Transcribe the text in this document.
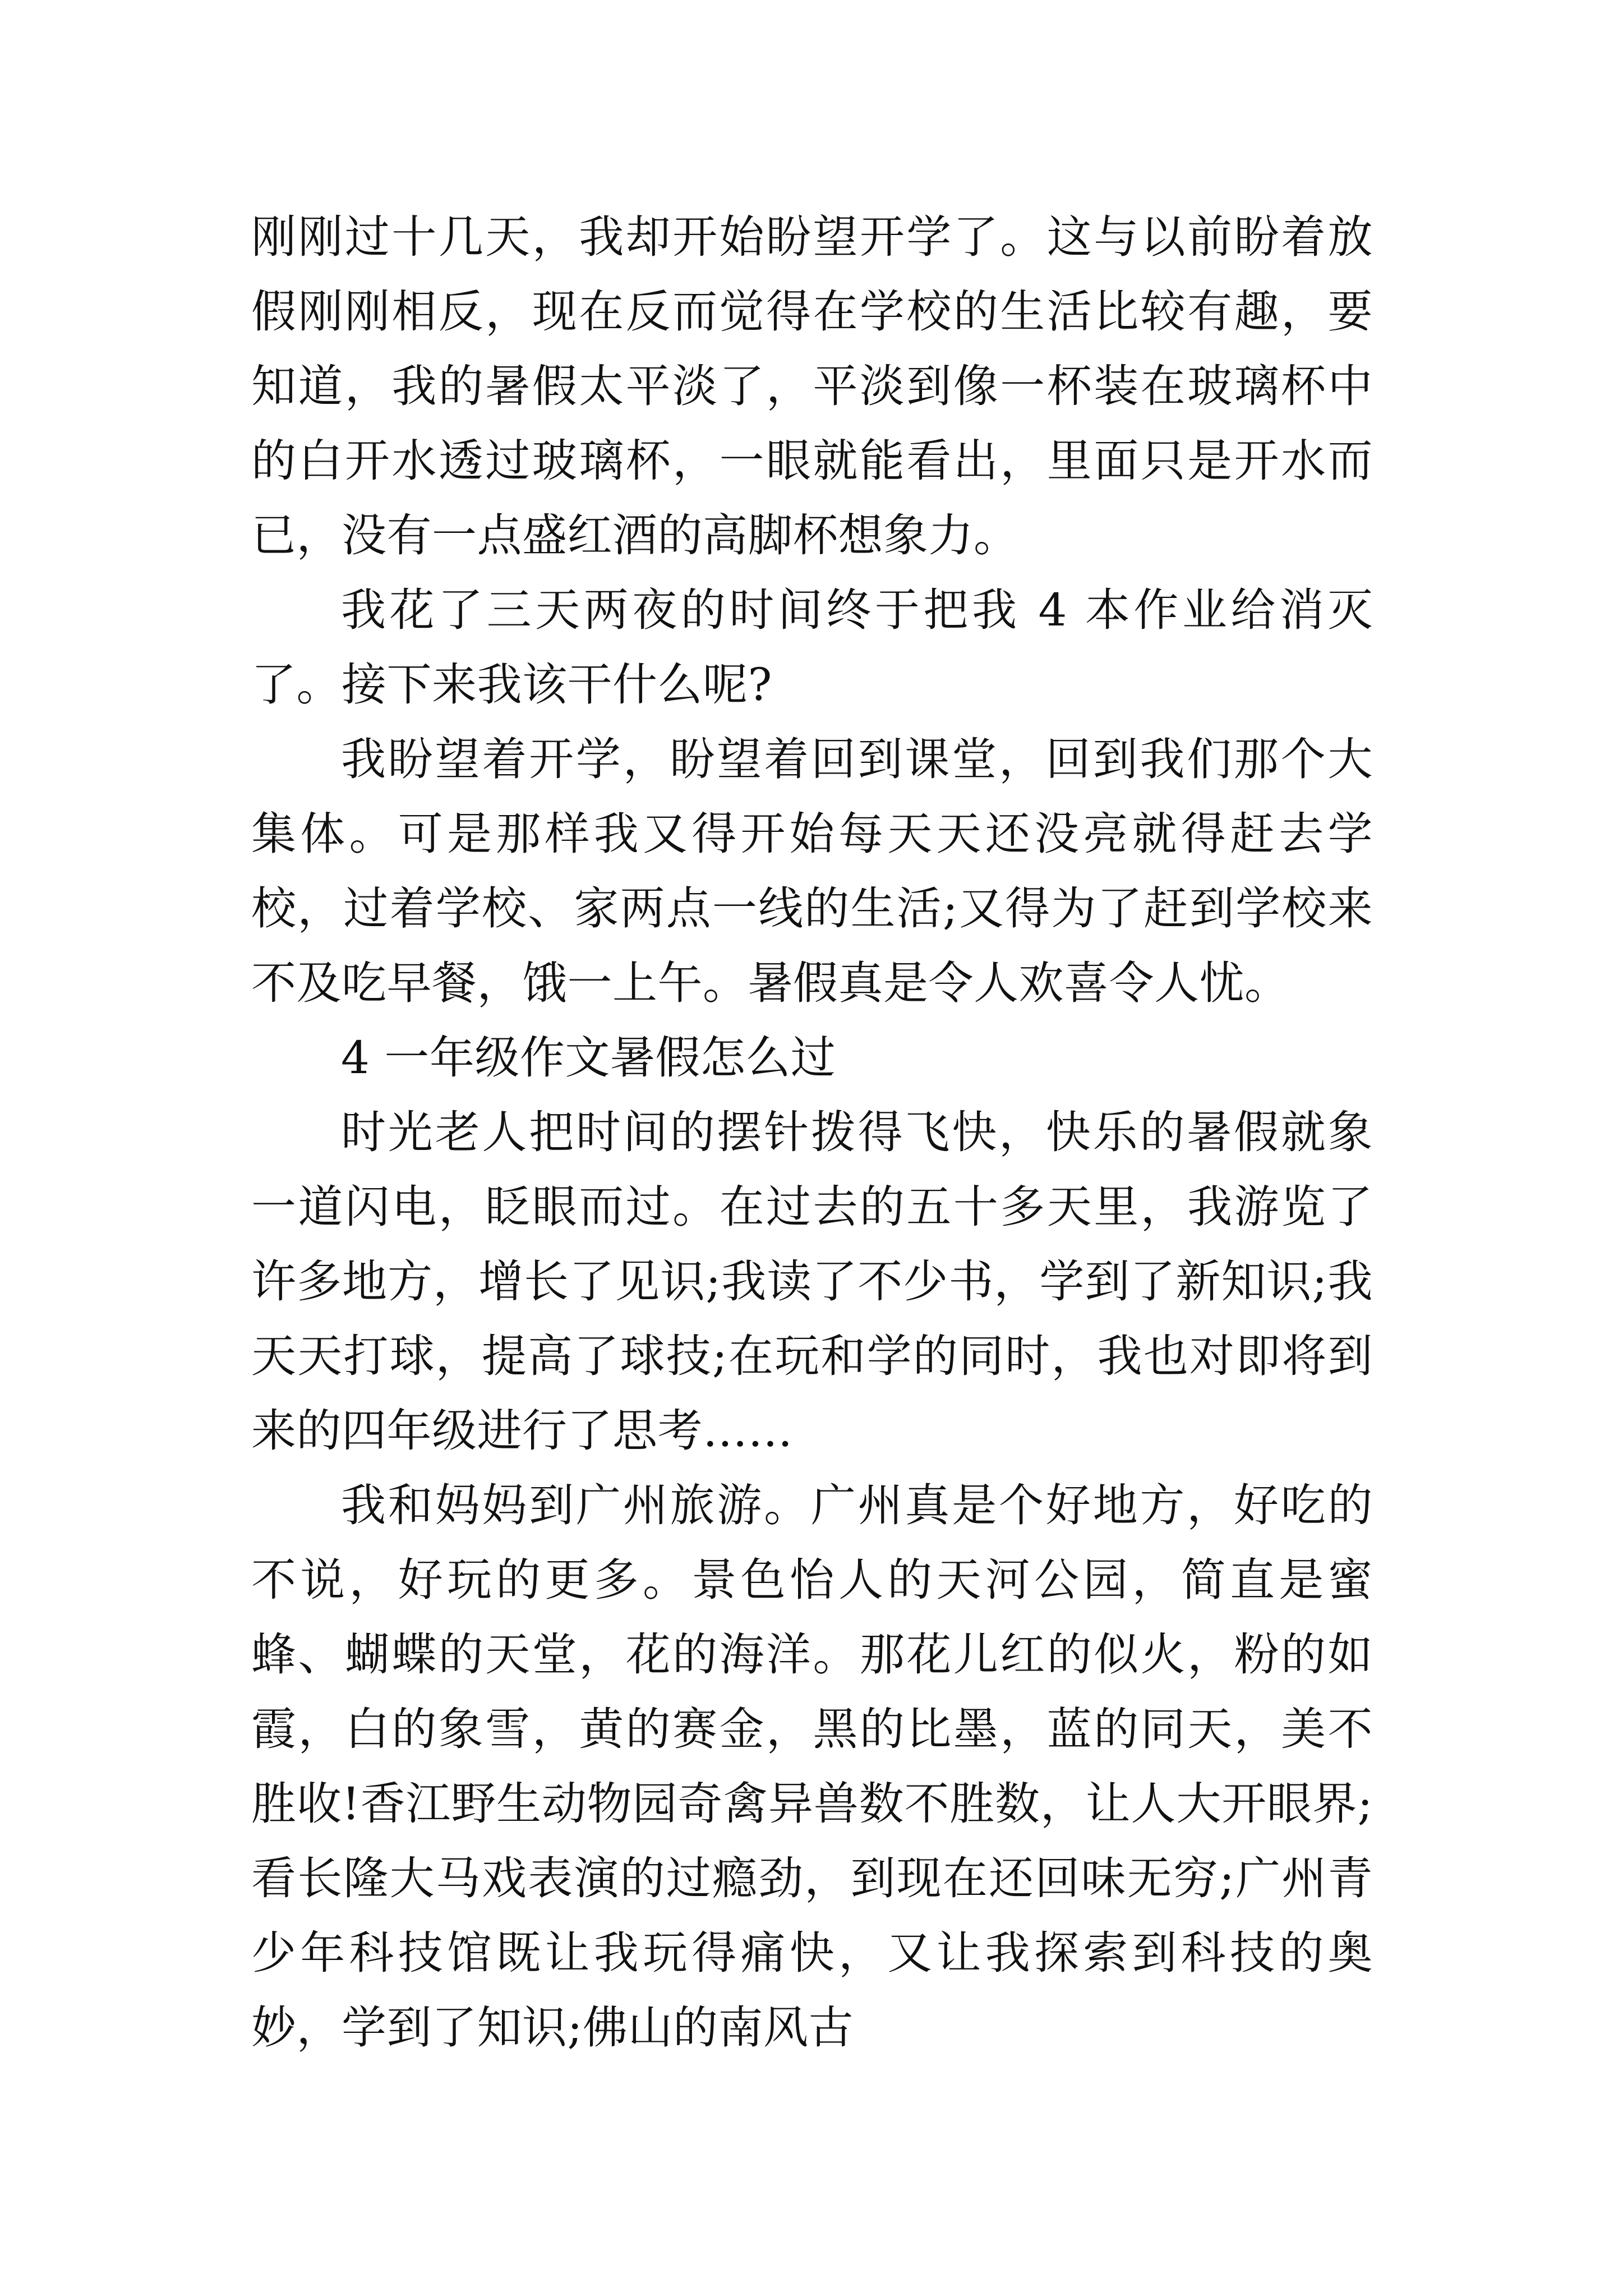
刚刚过十几天，我却开始盼望开学了。这与以前盼着放假刚刚相反，现在反而觉得在学校的生活比较有趣，要知道，我的暑假太平淡了，平淡到像一杯装在玻璃杯中的白开水透过玻璃杯，一眼就能看出，里面只是开水而已，没有一点盛红酒的高脚杯想象力。

我花了三天两夜的时间终于把我 4 本作业给消灭了。接下来我该干什么呢?

我盼望着开学，盼望着回到课堂，回到我们那个大集体。可是那样我又得开始每天天还没亮就得赶去学校，过着学校、家两点一线的生活;又得为了赶到学校来不及吃早餐，饿一上午。暑假真是令人欢喜令人忧。

4 一年级作文暑假怎么过

时光老人把时间的摆针拨得飞快，快乐的暑假就象一道闪电，眨眼而过。在过去的五十多天里，我游览了许多地方，增长了见识;我读了不少书，学到了新知识;我天天打球，提高了球技;在玩和学的同时，我也对即将到来的四年级进行了思考……

我和妈妈到广州旅游。广州真是个好地方，好吃的不说，好玩的更多。景色怡人的天河公园，简直是蜜蜂、蝴蝶的天堂，花的海洋。那花儿红的似火，粉的如霞，白的象雪，黄的赛金，黑的比墨，蓝的同天，美不胜收!香江野生动物园奇禽异兽数不胜数，让人大开眼界;看长隆大马戏表演的过瘾劲，到现在还回味无穷;广州青少年科技馆既让我玩得痛快，又让我探索到科技的奥妙，学到了知识;佛山的南风古
